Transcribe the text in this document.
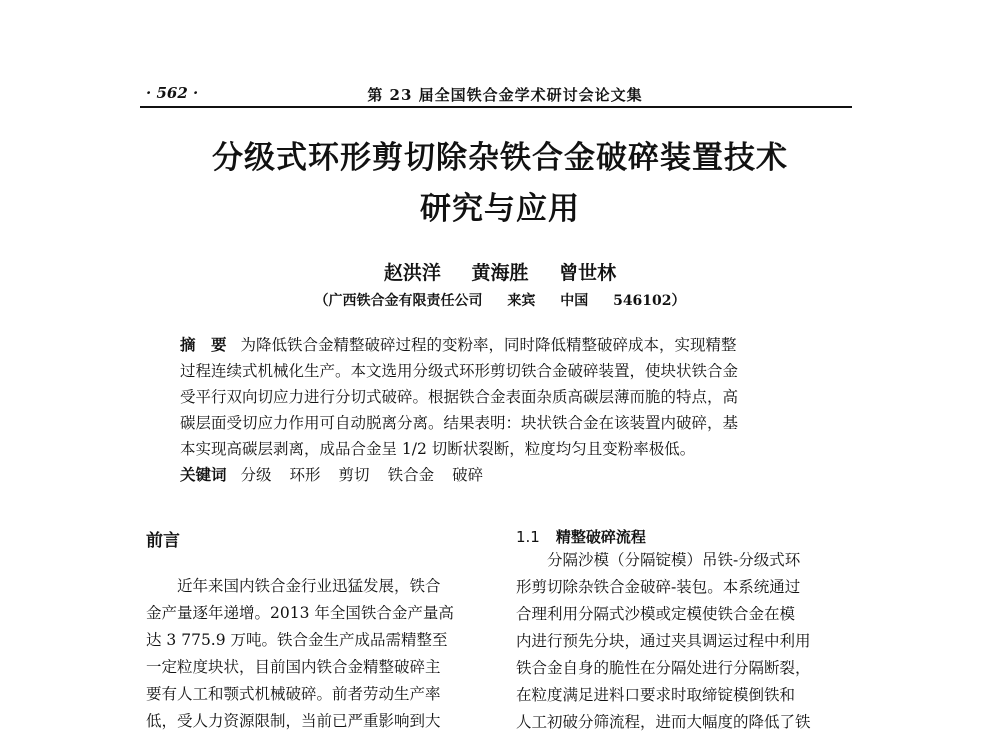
· 562 ·	第 23 届全国铁合金学术研讨会论文集
分级式环形剪切除杂铁合金破碎装置技术
研究与应用
赵洪洋 黄海胜 曾世林
（广西铁合金有限责任公司 来宾 中国 546102）
摘　要 为降低铁合金精整破碎过程的变粉率，同时降低精整破碎成本，实现精整
过程连续式机械化生产。本文选用分级式环形剪切铁合金破碎装置，使块状铁合金
受平行双向切应力进行分切式破碎。根据铁合金表面杂质高碳层薄而脆的特点，高
碳层面受切应力作用可自动脱离分离。结果表明：块状铁合金在该装置内破碎，基
本实现高碳层剥离，成品合金呈 1/2 切断状裂断，粒度均匀且变粉率极低。
关键词 分级 环形 剪切 铁合金 破碎
前言	1.1 精整破碎流程
　　近年来国内铁合金行业迅猛发展，铁合
金产量逐年递增。2013 年全国铁合金产量高
达 3 775.9 万吨。铁合金生产成品需精整至
一定粒度块状，目前国内铁合金精整破碎主
要有人工和颚式机械破碎。前者劳动生产率
低，受人力资源限制，当前已严重影响到大
　　分隔沙模（分隔锭模）吊铁-分级式环
形剪切除杂铁合金破碎-装包。本系统通过
合理利用分隔式沙模或定模使铁合金在模
内进行预先分块，通过夹具调运过程中利用
铁合金自身的脆性在分隔处进行分隔断裂，
在粒度满足进料口要求时取缔锭模倒铁和
人工初破分筛流程，进而大幅度的降低了铁
